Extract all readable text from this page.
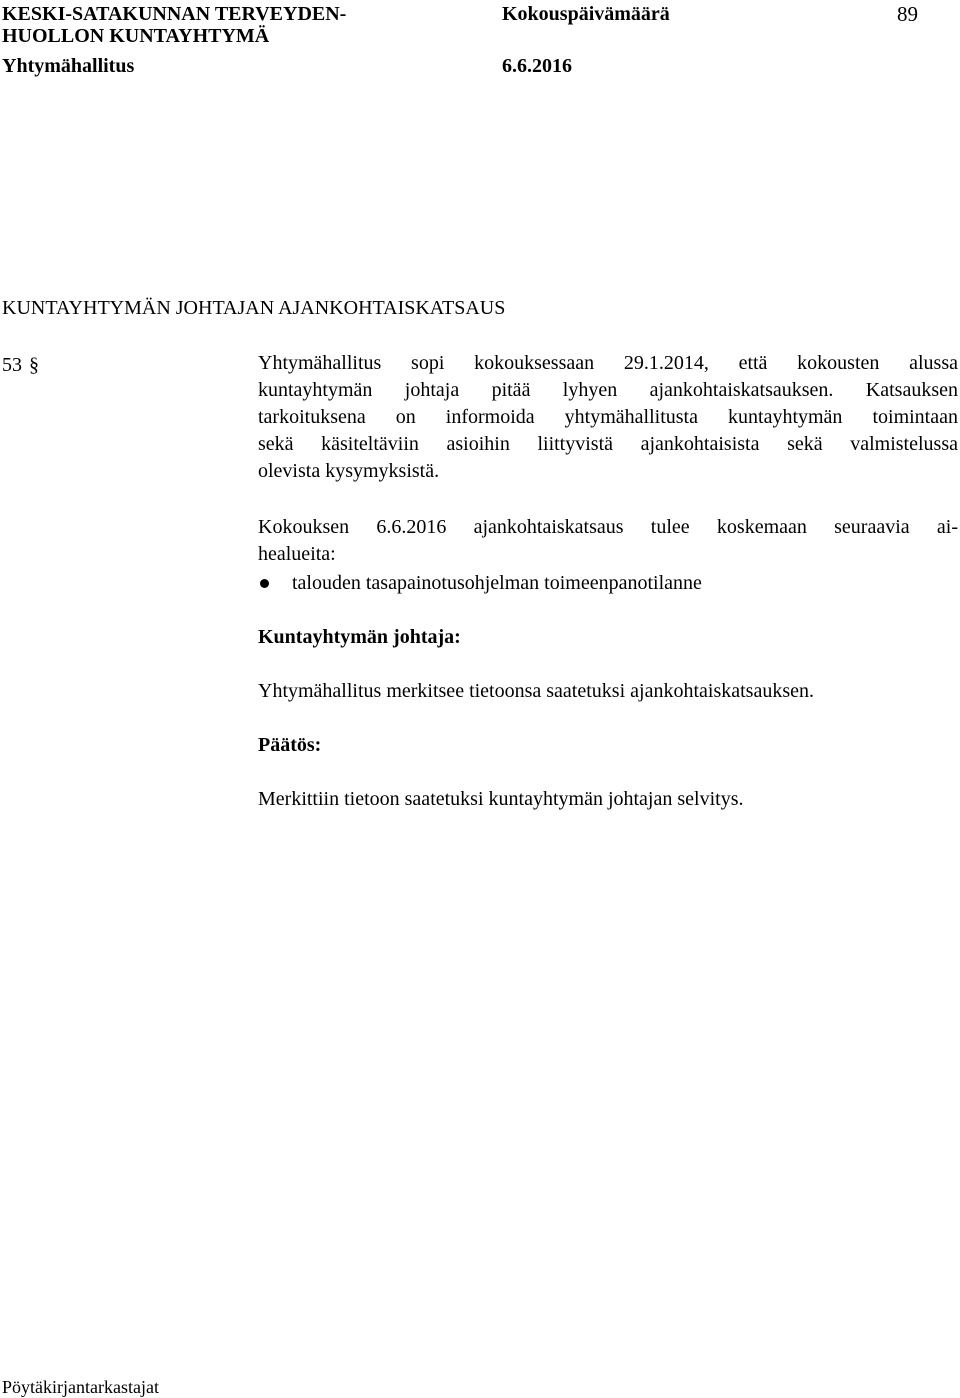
KESKI-SATAKUNNAN TERVEYDEN-
HUOLLON KUNTAYHTYMÄ
Yhtymähallitus
Kokouspäivämäärä
6.6.2016
89
KUNTAYHTYMÄN JOHTAJAN AJANKOHTAISKATSAUS
53 §	Yhtymähallitus sopi kokouksessaan 29.1.2014, että kokousten alussa
kuntayhtymän johtaja pitää lyhyen ajankohtaiskatsauksen. Katsauksen
tarkoituksena on informoida yhtymähallitusta kuntayhtymän toimintaan
sekä käsiteltäviin asioihin liittyvistä ajankohtaisista sekä valmistelussa
olevista kysymyksistä.
Kokouksen 6.6.2016 ajankohtaiskatsaus tulee koskemaan seuraavia ai-
healueita:
talouden tasapainotusohjelman toimeenpanotilanne
Kuntayhtymän johtaja:
Yhtymähallitus merkitsee tietoonsa saatetuksi ajankohtaiskatsauksen.
Päätös:
Merkittiin tietoon saatetuksi kuntayhtymän johtajan selvitys.
Pöytäkirjantarkastajat
